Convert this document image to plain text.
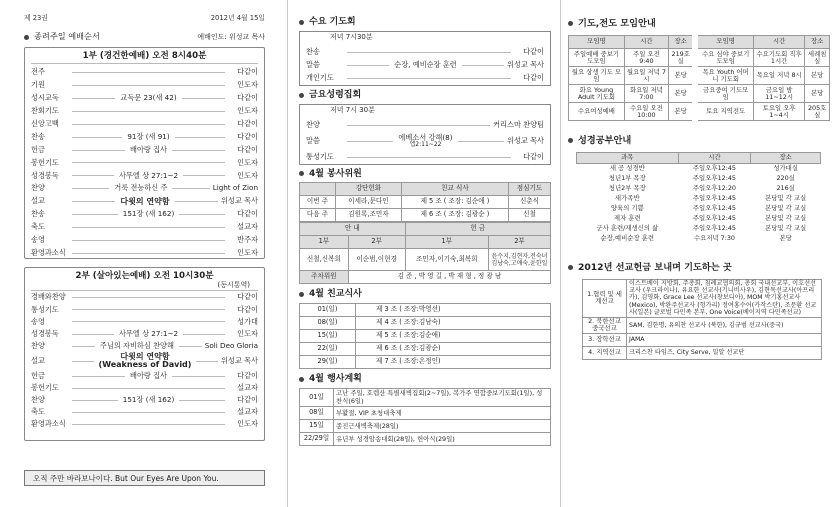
제 23권	2012년 4월 15일
종려주일 예배순서	예배인도: 위성교 목사
1부 (경건한예배) 오전 8시40분
전주	다같이
기원	인도자
성시교독	교독문 23(새 42)	다같이
찬회기도	인도자
신앙고백	다같이
찬송	91장 (새 91)	다같이
헌금	배아랑 집사	다같이
봉헌기도	인도자
성경봉독	사무엘 상 27:1~2	인도자
찬양	거룩 전능하신 주	Light of Zion
설교	다윗의 연약함	위성교 목사
찬송	151장 (새 162)	다같이
축도	설교자
송영	반주자
환영과소식	인도자
2부 (살아있는예배) 오전 10시30분
(동시통역)
경배와찬양	다같이
통성기도	다같이
송영	성가대
성경봉독	사무엘 상 27:1~2	인도자
찬양	주님의 자비하심 찬양해	Soli Deo Gloria
설교	다윗의 연약함
(Weakness of David)	위성교 목사
헌금	배아랑 집사	다같이
봉헌기도	설교자
찬양	151장 (새 162)	다같이
축도	설교자
환영과소식	인도자
오직 주만 바라보나이다. But Our Eyes Are Upon You.
수요 기도회
저녁 7시30분
찬송	다같이
말씀	순장, 예비순장 훈련	위성교 목사
개인기도	다같이
금요성령집회
저녁 7시 30분
찬양	커리스마 찬양팀
말씀	에베소서 강해(8)
엡2:11~22	위성교 목사
통성기도	다같이
4월 봉사위원
	강단헌화	친교 식사	점심기도
이번 주	이세라,문다인	제 5 조 ( 조장: 김순애 )	신춘식
다음 주	김원록,조민자	제 6 조 ( 조장: 김광순 )	신철
안 내		헌 금	
1부	2부	1부	2부
신철,신복희	이순범,이현경	조민자,이기숙,최복희	윤수지,김현자,전숙녀 김낭숙,고애숙,윤한일
주차위원	김 준 , 박 영 길 , 박 재 형 , 정 광 남		
4월 친교식사
01(일)	제 3 조 ( 조장:박영선)
08(일)	제 4 조 ( 조장:김남숙)
15(일)	제 5 조 ( 조장:김순애)
22(일)	제 6 조 ( 조장:김광순)
29(일)	제 7 조 ( 조장:온정인)
4월 행사계획
01일	고난 주일, 호렙산 특별새벽집회(2~7일), 복가주 연합중보기도회(1일), 성찬식(6일)
08일	부활절, VIP 초청대축제
15일	종진근새벽축제(28일)
22/29일	유년부 성경암송대회(28일), 헌아식(29일)
기도,전도 모임안내
모임명	시간	장소	모임명	시간	장소
주일예배 중보기도모임	주일 오전 9:40	219호실	수요 심야 중보기도모임	수요기도회 직후 1시간	세례침실
월요 상생 기도 모임	월요일 저녁 7시	본당	목요 Youth 어머니 기도회	목요일 저녁 8시	본당
화요 Young Adult 기도회	화요일 저녁7:00	본당	금요중여 기도모임	금요일 밤 11~12시	본당
수요여성예배	수요일 오전 10:00	본당	토요 지역전도	토요일 오후 1~4시	205호실
성경공부안내
과목	시간	장소
새 공 성경반	주일오후12:45	성가대실
청년1부 목장	주일오후12:45	220실
청년2부 목장	주일오후12:20	216실
새가족반	주일오후12:45	본당및 각 교실
양육의 기쁨	주일오후12:45	본당및 각 교실
제자 훈련	주일오후12:45	본당및 각 교실
군사 훈련/재생신의 삶	주일오후12:45	본당및 각 교실
순장,예비순장 훈련	수요저녁 7:30	본당
2012년 선교헌금 보내며 기도하는 곳
1.협력 및 세계선교	이스트베이 지방회, 주총회, 침례교협의회, 총회 국내선교부, 이호선선교사 (우크라이나), 유요한 선교사(기니비사우), 김현목선교사(아프리카), 김영화, Grace Lee 선교사(창보디아), MOM 박기홍선교사 (Mexico), 박완주선교사 (헝가리) 정여홍수어(카작스탄), 조문환 선교사(일본) 글로벌 다민족 본부, One Voice(베이지역 다민족선교)
2. 북한선교 중국선교	SAM, 김한명, 유의찬 선교사 (북한), 김규범 선교사(중국)
3. 장학선교	JAMA
4. 지역선교	크리스찬 타임즈, City Serve, 밀알 선교단
